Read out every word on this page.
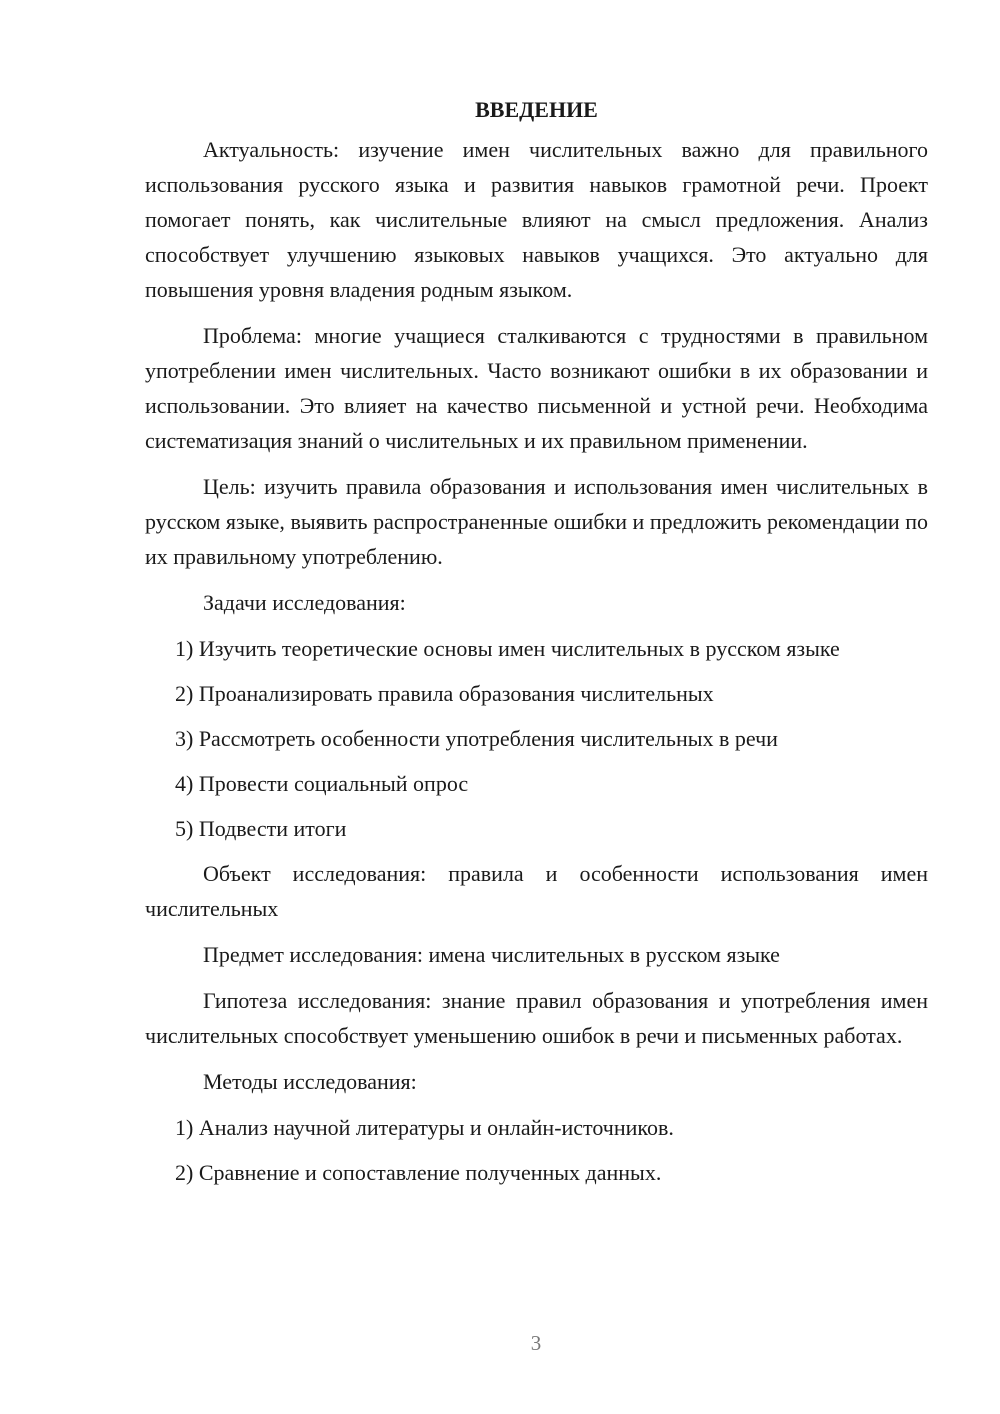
ВВЕДЕНИЕ

Актуальность: изучение имен числительных важно для правильного использования русского языка и развития навыков грамотной речи. Проект помогает понять, как числительные влияют на смысл предложения. Анализ способствует улучшению языковых навыков учащихся. Это актуально для повышения уровня владения родным языком.

Проблема: многие учащиеся сталкиваются с трудностями в правильном употреблении имен числительных. Часто возникают ошибки в их образовании и использовании. Это влияет на качество письменной и устной речи. Необходима систематизация знаний о числительных и их правильном применении.

Цель: изучить правила образования и использования имен числительных в русском языке, выявить распространенные ошибки и предложить рекомендации по их правильному употреблению.

Задачи исследования:

1) Изучить теоретические основы имен числительных в русском языке

2) Проанализировать правила образования числительных

3) Рассмотреть особенности употребления числительных в речи

4) Провести социальный опрос

5) Подвести итоги

Объект исследования: правила и особенности использования имен числительных

Предмет исследования: имена числительных в русском языке

Гипотеза исследования: знание правил образования и употребления имен числительных способствует уменьшению ошибок в речи и письменных работах.

Методы исследования:

1) Анализ научной литературы и онлайн-источников.

2) Сравнение и сопоставление полученных данных.

3
